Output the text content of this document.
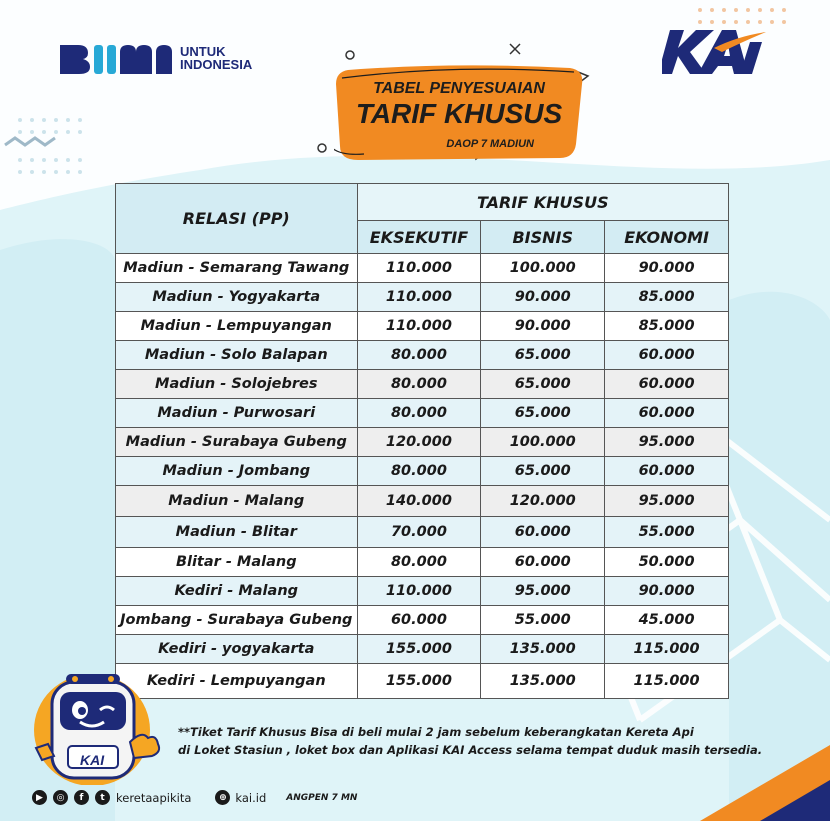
UNTUK
INDONESIA
TABEL PENYESUAIAN
TARIF KHUSUS
DAOP 7 MADIUN
RELASI (PP)	TARIF KHUSUS		
	EKSEKUTIF	BISNIS	EKONOMI
Madiun - Semarang Tawang	110.000	100.000	90.000
Madiun - Yogyakarta	110.000	90.000	85.000
Madiun - Lempuyangan	110.000	90.000	85.000
Madiun - Solo Balapan	80.000	65.000	60.000
Madiun - Solojebres	80.000	65.000	60.000
Madiun - Purwosari	80.000	65.000	60.000
Madiun - Surabaya Gubeng	120.000	100.000	95.000
Madiun - Jombang	80.000	65.000	60.000
Madiun - Malang	140.000	120.000	95.000
Madiun - Blitar	70.000	60.000	55.000
Blitar - Malang	80.000	60.000	50.000
Kediri - Malang	110.000	95.000	90.000
Jombang - Surabaya Gubeng	60.000	55.000	45.000
Kediri - yogyakarta	155.000	135.000	115.000
Kediri - Lempuyangan	155.000	135.000	115.000
KAI
**Tiket Tarif Khusus Bisa di beli mulai 2 jam sebelum keberangkatan Kereta Api
di Loket Stasiun , loket box dan Aplikasi KAI Access selama tempat duduk masih tersedia.
▶	◎	f	t keretaapikita	⊕ kai.id ANGPEN 7 MN
